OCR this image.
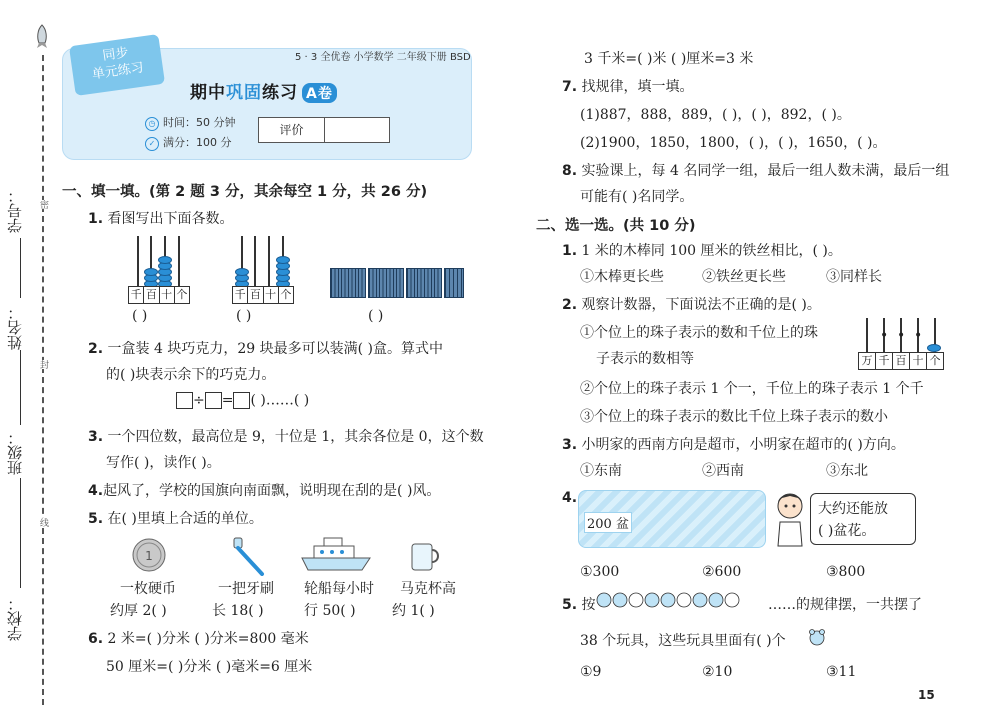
学号：
姓名：
班级：
学校：
密
封
线
同步
单元练习
5 · 3 全优卷 小学数学 二年级下册 BSD
期中巩固练习 A卷
◷ 时间：50 分钟
✓ 满分：100 分
评价
一、填一填。(第 2 题 3 分，其余每空 1 分，共 26 分)
1. 看图写出下面各数。
千 百 十 个
( )
千 百 十 个
( )	( )
2. 一盒装 4 块巧克力，29 块最多可以装满( )盒。算式中
的( )块表示余下的巧克力。
÷ = ( )……( )
3. 一个四位数，最高位是 9，十位是 1，其余各位是 0，这个数
写作( )，读作( )。
4.起风了，学校的国旗向南面飘，说明现在刮的是( )风。
5. 在( )里填上合适的单位。
1
一枚硬币
约厚 2( )
一把牙刷
长 18( )
轮船每小时
行 50( )
马克杯高
约 1( )
6. 2 米=( )分米 ( )分米=800 毫米
50 厘米=( )分米 ( )毫米=6 厘米
3 千米=( )米 ( )厘米=3 米
7. 找规律，填一填。
(1)887，888，889，( )，( )，892，( )。
(2)1900，1850，1800，( )，( )，1650，( )。
8. 实验课上，每 4 名同学一组，最后一组人数未满，最后一组
可能有( )名同学。
二、选一选。(共 10 分)
1. 1 米的木棒同 100 厘米的铁丝相比，( )。
①木棒更长些	②铁丝更长些	③同样长
2. 观察计数器，下面说法不正确的是( )。
①个位上的珠子表示的数和千位上的珠
子表示的数相等
• • •
万 千 百 十 个
②个位上的珠子表示 1 个一，千位上的珠子表示 1 个千
③个位上的珠子表示的数比千位上珠子表示的数小
3. 小明家的西南方向是超市，小明家在超市的( )方向。
①东南	②西南	③东北
4.
200 盆
大约还能放
( )盆花。
①300	②600	③800
5. 按	……的规律摆，一共摆了
38 个玩具，这些玩具里面有( )个
①9	②10	③11
15
